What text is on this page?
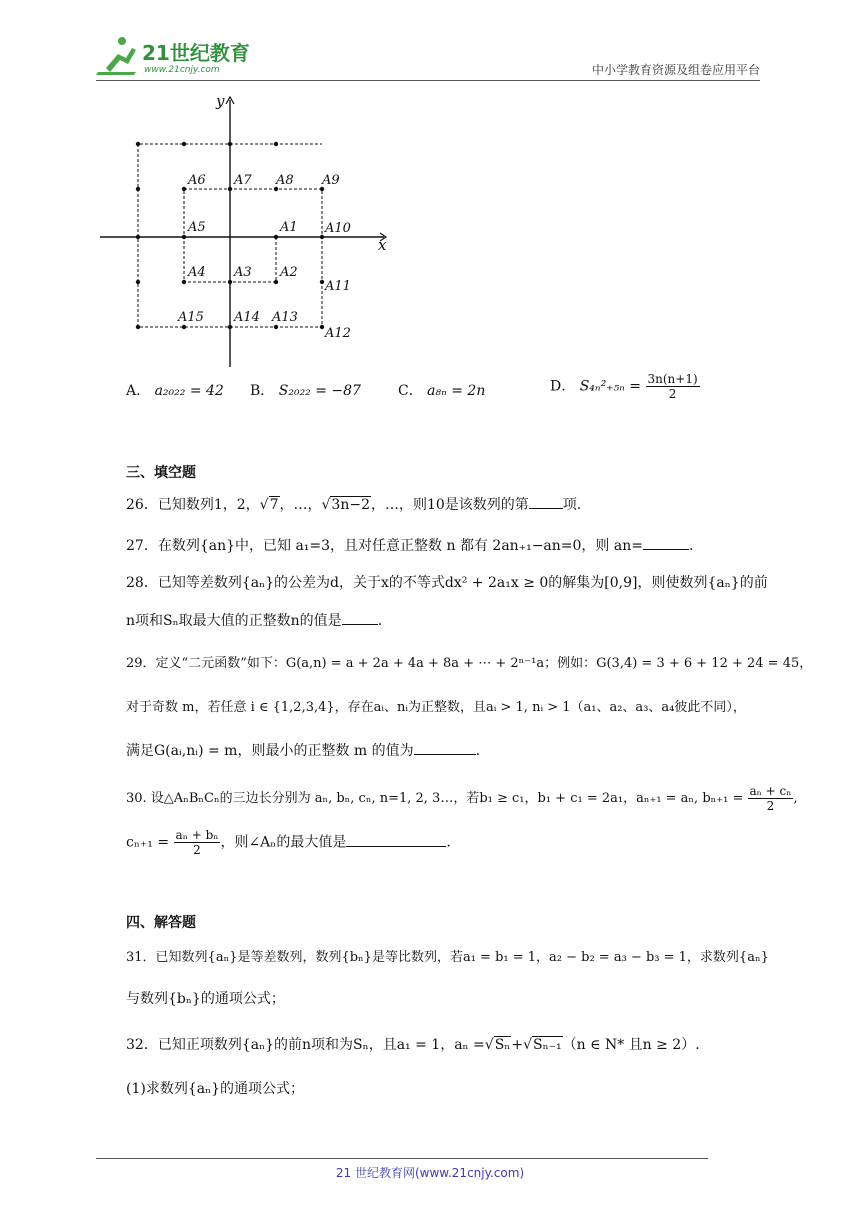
21世纪教育
www.21cnjy.com	中小学教育资源及组卷应用平台
x
y
A1
A2
A3
A4
A5
A6 A7 A8 A9
A10
A11
A12
A13
A14
A15
A． a₂₀₂₂ = 42 B． S₂₀₂₂ = −87	C． a₈ₙ = 2n	D． $S_{4n}^2_{+5n} = \frac{3n(n+1)}{2}$
三、填空题
26．已知数列1，2，√7，…，√3n−2，…，则10是该数列的第 项.
27．在数列{an}中，已知 a₁=3，且对任意正整数 n 都有 2an₊₁−an=0，则 an=	.
28．已知等差数列{aₙ}的公差为d，关于x的不等式dx² + 2a₁x ≥ 0的解集为[0,9]，则使数列{aₙ}的前
n项和Sₙ取最大值的正整数n的值是	.
29．定义“二元函数”如下：G(a,n) = a + 2a + 4a + 8a + ⋯ + 2ⁿ⁻¹a；例如：G(3,4) = 3 + 6 + 12 + 24 = 45，
对于奇数 m，若任意 i ∈ {1,2,3,4}，存在aᵢ、nᵢ为正整数，且aᵢ > 1, nᵢ > 1（a₁、a₂、a₃、a₄彼此不同），
满足G(aᵢ,nᵢ) = m，则最小的正整数 m 的值为	.
30. 设△AₙBₙCₙ的三边长分别为 aₙ, bₙ, cₙ, n=1, 2, 3…，若b₁ ≥ c₁，b₁ + c₁ = 2a₁，aₙ₊₁ = aₙ, $b_{n+1} = \frac{\text{aₙ + cₙ}}{2}$ ,
$c_{n+1} = \frac{\text{aₙ + bₙ}}{2}$ ，则∠Aₙ的最大值是	.
四、解答题
31．已知数列{aₙ}是等差数列，数列{bₙ}是等比数列，若a₁ = b₁ = 1，a₂ − b₂ = a₃ − b₃ = 1，求数列{aₙ}
与数列{bₙ}的通项公式；
32．已知正项数列{aₙ}的前n项和为Sₙ，且a₁ = 1，aₙ =√Sₙ+√Sₙ₋₁（n ∈ N* 且n ≥ 2）.
(1)求数列{aₙ}的通项公式；
21 世纪教育网(www.21cnjy.com)
